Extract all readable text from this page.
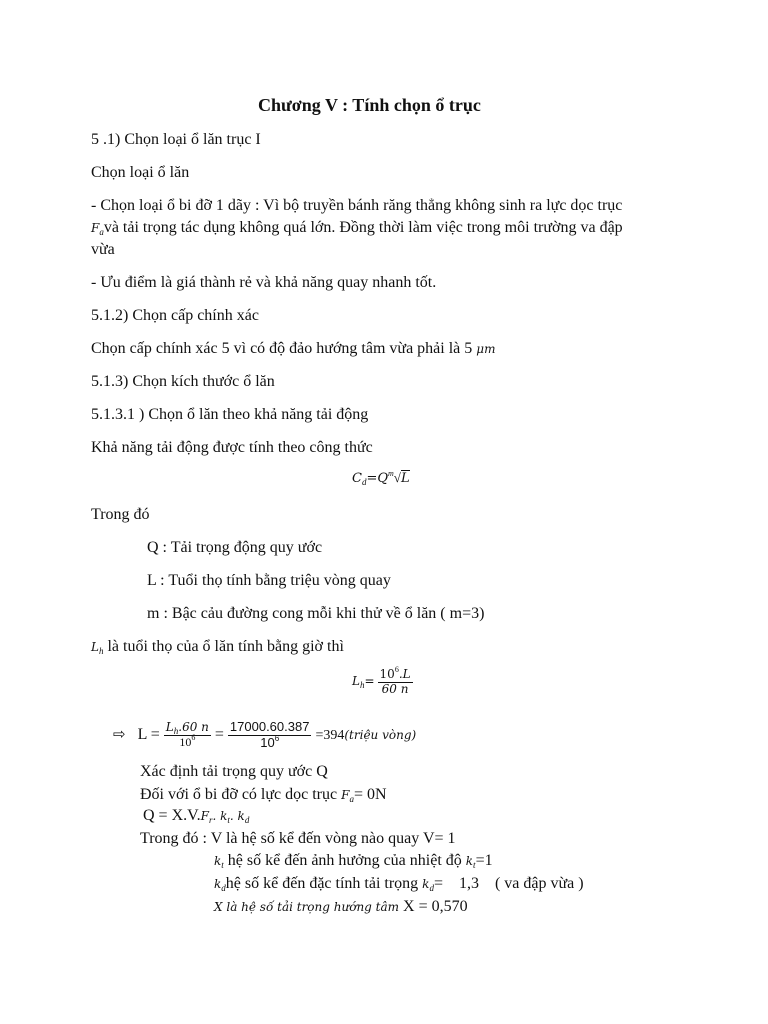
Chương V : Tính chọn ổ trục
5 .1) Chọn loại ổ lăn trục I
Chọn loại ổ lăn
- Chọn loại ổ bi đỡ 1 dãy : Vì bộ truyền bánh răng thẳng không sinh ra lực dọc trục
Favà tải trọng tác dụng không quá lớn. Đồng thời làm việc trong môi trường va đập
vừa
- Ưu điểm là giá thành rẻ và khả năng quay nhanh tốt.
5.1.2) Chọn cấp chính xác
Chọn cấp chính xác 5 vì có độ đảo hướng tâm vừa phải là 5 μm
5.1.3) Chọn kích thước ổ lăn
5.1.3.1 ) Chọn ổ lăn theo khả năng tải động
Khả năng tải động được tính theo công thức
$C_d=Q^m√L$
Trong đó
Q : Tải trọng động quy ước
L : Tuổi thọ tính bằng triệu vòng quay
m : Bậc cảu đường cong mỗi khi thử về ổ lăn ( m=3)
Lh là tuổi thọ của ổ lăn tính bằng giờ thì
$L_h= \frac{10^6.L}{60 n}$
⇨ $L = \frac{L_h.60 n}{10^6} = \frac{17000.60.387}{10^6}$ =394(triệu vòng)
Xác định tải trọng quy ước Q
Đối với ổ bi đỡ có lực dọc trục Fa= 0N
Q = X.V.Fr. kt. kd
Trong đó : V là hệ số kể đến vòng nào quay V= 1
kt hệ số kể đến ảnh hưởng của nhiệt độ kt=1
kdhệ số kể đến đặc tính tải trọng kd=    1,3    ( va đập vừa )
X là hệ số tải trọng hướng tâm X = 0,570
